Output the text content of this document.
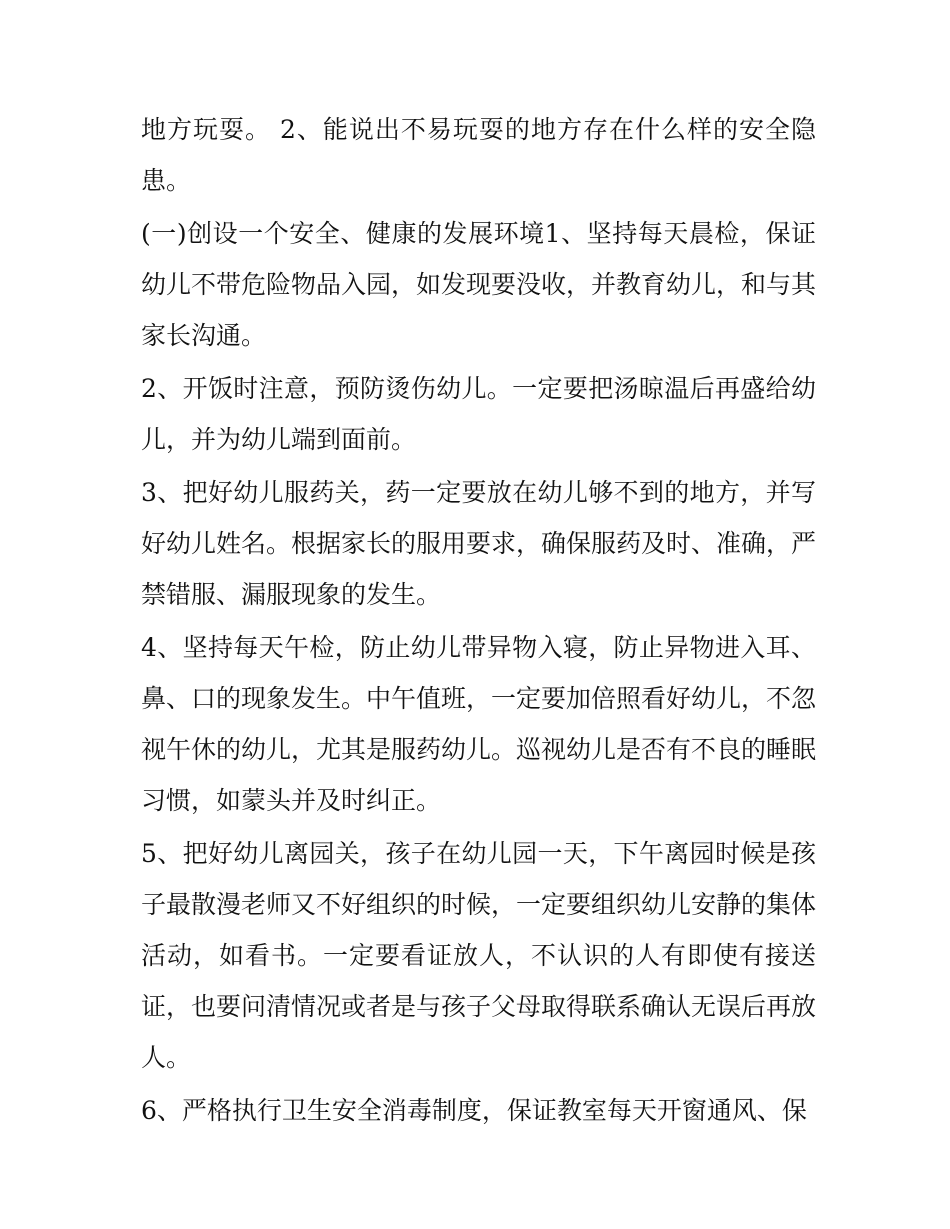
地方玩耍。 2、能说出不易玩耍的地方存在什么样的安全隐患。

(一)创设一个安全、健康的发展环境1、坚持每天晨检，保证幼儿不带危险物品入园，如发现要没收，并教育幼儿，和与其家长沟通。

2、开饭时注意，预防烫伤幼儿。一定要把汤晾温后再盛给幼儿，并为幼儿端到面前。

3、把好幼儿服药关，药一定要放在幼儿够不到的地方，并写好幼儿姓名。根据家长的服用要求，确保服药及时、准确，严禁错服、漏服现象的发生。

4、坚持每天午检，防止幼儿带异物入寝，防止异物进入耳、鼻、口的现象发生。中午值班，一定要加倍照看好幼儿，不忽视午休的幼儿，尤其是服药幼儿。巡视幼儿是否有不良的睡眠习惯，如蒙头并及时纠正。

5、把好幼儿离园关，孩子在幼儿园一天，下午离园时候是孩子最散漫老师又不好组织的时候，一定要组织幼儿安静的集体活动，如看书。一定要看证放人，不认识的人有即使有接送证，也要问清情况或者是与孩子父母取得联系确认无误后再放人。

6、严格执行卫生安全消毒制度，保证教室每天开窗通风、保
